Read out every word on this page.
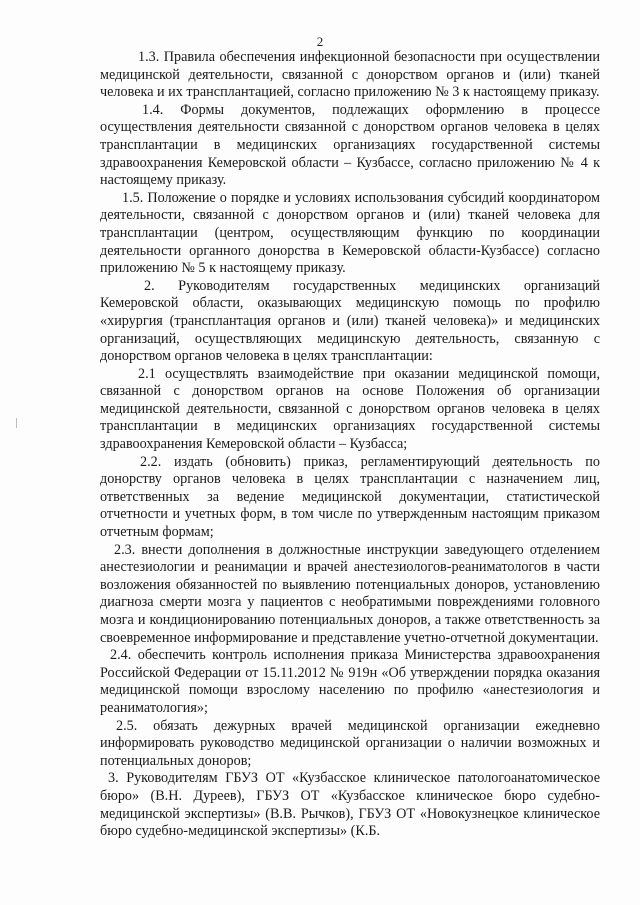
2

1.3. Правила обеспечения инфекционной безопасности при осуществлении медицинской деятельности, связанной с донорством органов и (или) тканей человека и их трансплантацией, согласно приложению № 3 к настоящему приказу.

1.4. Формы документов, подлежащих оформлению в процессе осуществления деятельности связанной с донорством органов человека в целях трансплантации в медицинских организациях государственной системы здравоохранения Кемеровской области – Кузбассе, согласно приложению № 4 к настоящему приказу.

1.5. Положение о порядке и условиях использования субсидий координатором деятельности, связанной с донорством органов и (или) тканей человека для трансплантации (центром, осуществляющим функцию по координации деятельности органного донорства в Кемеровской области-Кузбассе) согласно приложению № 5 к настоящему приказу.

2. Руководителям государственных медицинских организаций Кемеровской области, оказывающих медицинскую помощь по профилю «хирургия (трансплантация органов и (или) тканей человека)» и медицинских организаций, осуществляющих медицинскую деятельность, связанную с донорством органов человека в целях трансплантации:

2.1 осуществлять взаимодействие при оказании медицинской помощи, связанной с донорством органов на основе Положения об организации медицинской деятельности, связанной с донорством органов человека в целях трансплантации в медицинских организациях государственной системы здравоохранения Кемеровской области – Кузбасса;

2.2. издать (обновить) приказ, регламентирующий деятельность по донорству органов человека в целях трансплантации с назначением лиц, ответственных за ведение медицинской документации, статистической отчетности и учетных форм, в том числе по утвержденным настоящим приказом отчетным формам;

2.3. внести дополнения в должностные инструкции заведующего отделением анестезиологии и реанимации и врачей анестезиологов-реаниматологов в части возложения обязанностей по выявлению потенциальных доноров, установлению диагноза смерти мозга у пациентов с необратимыми повреждениями головного мозга и кондиционированию потенциальных доноров, а также ответственность за своевременное информирование и представление учетно-отчетной документации.

2.4. обеспечить контроль исполнения приказа Министерства здравоохранения Российской Федерации от 15.11.2012 № 919н «Об утверждении порядка оказания медицинской помощи взрослому населению по профилю «анестезиология и реаниматология»;

2.5. обязать дежурных врачей медицинской организации ежедневно информировать руководство медицинской организации о наличии возможных и потенциальных доноров;

3. Руководителям ГБУЗ ОТ «Кузбасское клиническое патологоанатомическое бюро» (В.Н. Дуреев), ГБУЗ ОТ «Кузбасское клиническое бюро судебно-медицинской экспертизы» (В.В. Рычков), ГБУЗ ОТ «Новокузнецкое клиническое бюро судебно-медицинской экспертизы» (К.Б.
